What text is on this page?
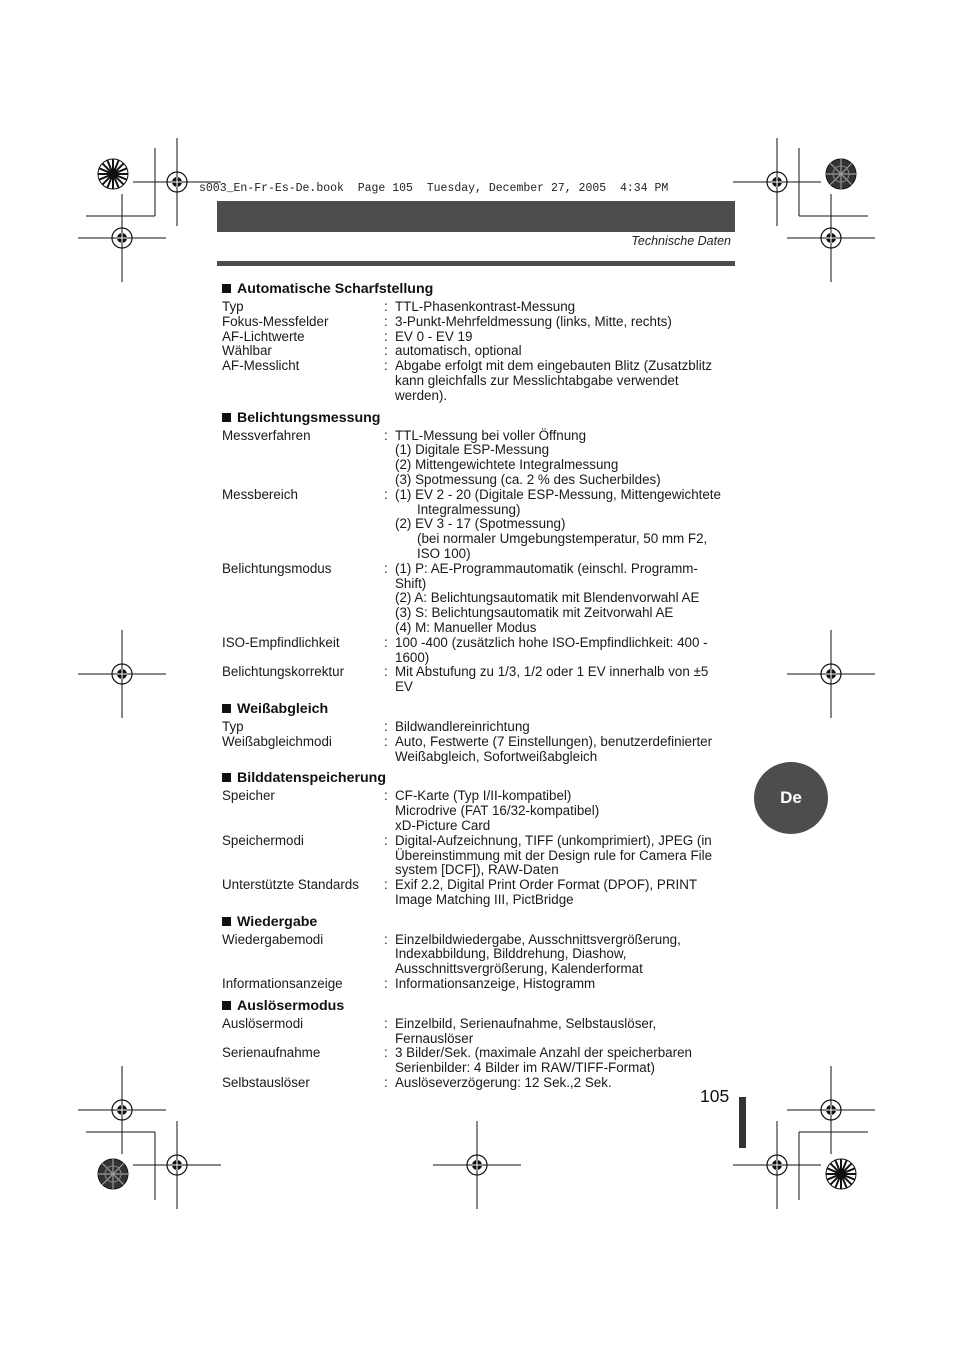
s003_En-Fr-Es-De.book  Page 105  Tuesday, December 27, 2005  4:34 PM
Technische Daten
Automatische Scharfstellung
Typ	: TTL-Phasenkontrast-Messung
Fokus-Messfelder	: 3-Punkt-Mehrfeldmessung (links, Mitte, rechts)
AF-Lichtwerte	: EV 0 - EV 19
Wählbar	: automatisch, optional
AF-Messlicht	: Abgabe erfolgt mit dem eingebauten Blitz (Zusatzblitz
kann gleichfalls zur Messlichtabgabe verwendet
werden).
Belichtungsmessung
Messverfahren	: TTL-Messung bei voller Öffnung
(1) Digitale ESP-Messung
(2) Mittengewichtete Integralmessung
(3) Spotmessung (ca. 2 % des Sucherbildes)
Messbereich	: (1) EV 2 - 20 (Digitale ESP-Messung, Mittengewichtete
Integralmessung)
(2) EV 3 - 17 (Spotmessung)
(bei normaler Umgebungstemperatur, 50 mm F2,
ISO 100)
Belichtungsmodus	: (1) P: AE-Programmautomatik (einschl. Programm-
Shift)
(2) A: Belichtungsautomatik mit Blendenvorwahl AE
(3) S: Belichtungsautomatik mit Zeitvorwahl AE
(4) M: Manueller Modus
ISO-Empfindlichkeit	: 100 -400 (zusätzlich hohe ISO-Empfindlichkeit: 400 -
1600)
Belichtungskorrektur	: Mit Abstufung zu 1/3, 1/2 oder 1 EV innerhalb von ±5
EV
Weißabgleich
Typ	: Bildwandlereinrichtung
Weißabgleichmodi	: Auto, Festwerte (7 Einstellungen), benutzerdefinierter
Weißabgleich, Sofortweißabgleich
Bilddatenspeicherung
Speicher	: CF-Karte (Typ I/II-kompatibel)
Microdrive (FAT 16/32-kompatibel)
xD-Picture Card
Speichermodi	: Digital-Aufzeichnung, TIFF (unkomprimiert), JPEG (in
Übereinstimmung mit der Design rule for Camera File
system [DCF]), RAW-Daten
Unterstützte Standards	: Exif 2.2, Digital Print Order Format (DPOF), PRINT
Image Matching III, PictBridge
Wiedergabe
Wiedergabemodi	: Einzelbildwiedergabe, Ausschnittsvergrößerung,
Indexabbildung, Bilddrehung, Diashow,
Ausschnittsvergrößerung, Kalenderformat
Informationsanzeige	: Informationsanzeige, Histogramm
Auslösermodus
Auslösermodi	: Einzelbild, Serienaufnahme, Selbstauslöser,
Fernauslöser
Serienaufnahme	: 3 Bilder/Sek. (maximale Anzahl der speicherbaren
Serienbilder: 4 Bilder im RAW/TIFF-Format)
Selbstauslöser	: Auslöseverzögerung: 12 Sek.,2 Sek.
De
105
